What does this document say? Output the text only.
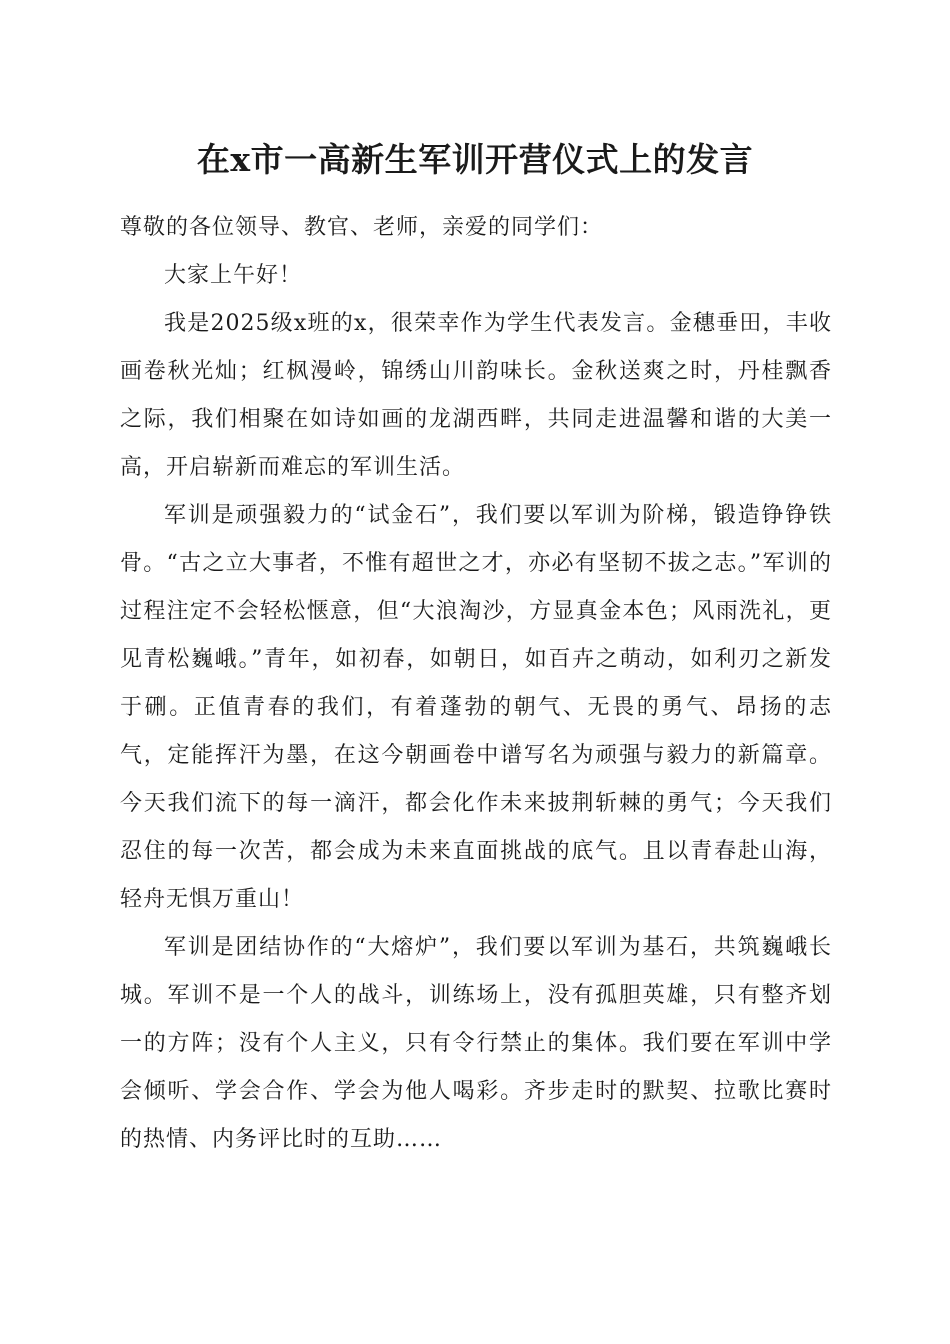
在x市一高新生军训开营仪式上的发言

尊敬的各位领导、教官、老师，亲爱的同学们：

大家上午好！

我是2025级x班的x，很荣幸作为学生代表发言。金穗垂田，丰收画卷秋光灿；红枫漫岭，锦绣山川韵味长。金秋送爽之时，丹桂飘香之际，我们相聚在如诗如画的龙湖西畔，共同走进温馨和谐的大美一高，开启崭新而难忘的军训生活。

军训是顽强毅力的“试金石”，我们要以军训为阶梯，锻造铮铮铁骨。“古之立大事者，不惟有超世之才，亦必有坚韧不拔之志。”军训的过程注定不会轻松惬意，但“大浪淘沙，方显真金本色；风雨洗礼，更见青松巍峨。”青年，如初春，如朝日，如百卉之萌动，如利刃之新发于硎。正值青春的我们，有着蓬勃的朝气、无畏的勇气、昂扬的志气，定能挥汗为墨，在这今朝画卷中谱写名为顽强与毅力的新篇章。今天我们流下的每一滴汗，都会化作未来披荆斩棘的勇气；今天我们忍住的每一次苦，都会成为未来直面挑战的底气。且以青春赴山海，轻舟无惧万重山！

军训是团结协作的“大熔炉”，我们要以军训为基石，共筑巍峨长城。军训不是一个人的战斗，训练场上，没有孤胆英雄，只有整齐划一的方阵；没有个人主义，只有令行禁止的集体。我们要在军训中学会倾听、学会合作、学会为他人喝彩。齐步走时的默契、拉歌比赛时的热情、内务评比时的互助……
